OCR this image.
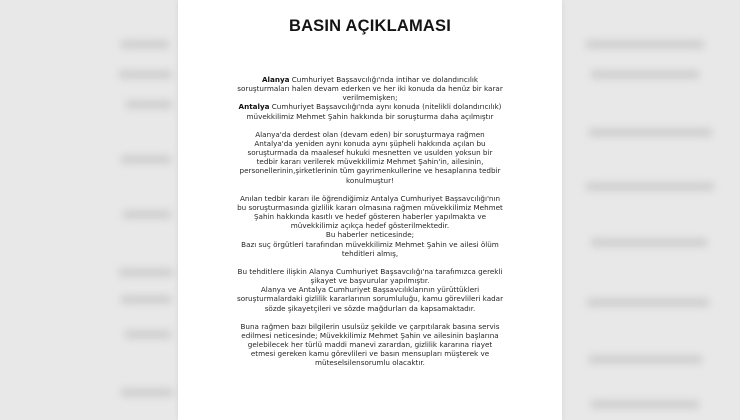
BASIN AÇIKLAMASI
Alanya Cumhuriyet Başsavcılığı'nda intihar ve dolandırıcılık
soruşturmaları halen devam ederken ve her iki konuda da henüz bir karar
verilmemişken;
Antalya Cumhuriyet Başsavcılığı'nda aynı konuda (nitelikli dolandırıcılık)
müvekkilimiz Mehmet Şahin hakkında bir soruşturma daha açılmıştır
Alanya'da derdest olan (devam eden) bir soruşturmaya rağmen
Antalya'da yeniden aynı konuda aynı şüpheli hakkında açılan bu
soruşturmada da maalesef hukuki mesnetten ve usulden yoksun bir
tedbir kararı verilerek müvekkilimiz Mehmet Şahin'in, ailesinin,
personellerinin,şirketlerinin tüm gayrimenkullerine ve hesaplarına tedbir
konulmuştur!
Anılan tedbir kararı ile öğrendiğimiz Antalya Cumhuriyet Başsavcılığı'nın
bu soruşturmasında gizlilik kararı olmasına rağmen müvekkilimiz Mehmet
Şahin hakkında kasıtlı ve hedef gösteren haberler yapılmakta ve
müvekkilimiz açıkça hedef gösterilmektedir.
Bu haberler neticesinde;
Bazı suç örgütleri tarafından müvekkilimiz Mehmet Şahin ve ailesi ölüm
tehditleri almış,
Bu tehditlere ilişkin Alanya Cumhuriyet Başsavcılığı'na tarafımızca gerekli
şikayet ve başvurular yapılmıştır.
Alanya ve Antalya Cumhuriyet Başsavcılıklarının yürüttükleri
soruşturmalardaki gizlilik kararlarının sorumluluğu, kamu görevlileri kadar
sözde şikayetçileri ve sözde mağdurları da kapsamaktadır.
Buna rağmen bazı bilgilerin usulsüz şekilde ve çarpıtılarak basına servis
edilmesi neticesinde; Müvekkilimiz Mehmet Şahin ve ailesinin başlarına
gelebilecek her türlü maddi manevi zarardan, gizlilik kararına riayet
etmesi gereken kamu görevlileri ve basın mensupları müşterek ve
müteselsilensorumlu olacaktır.
